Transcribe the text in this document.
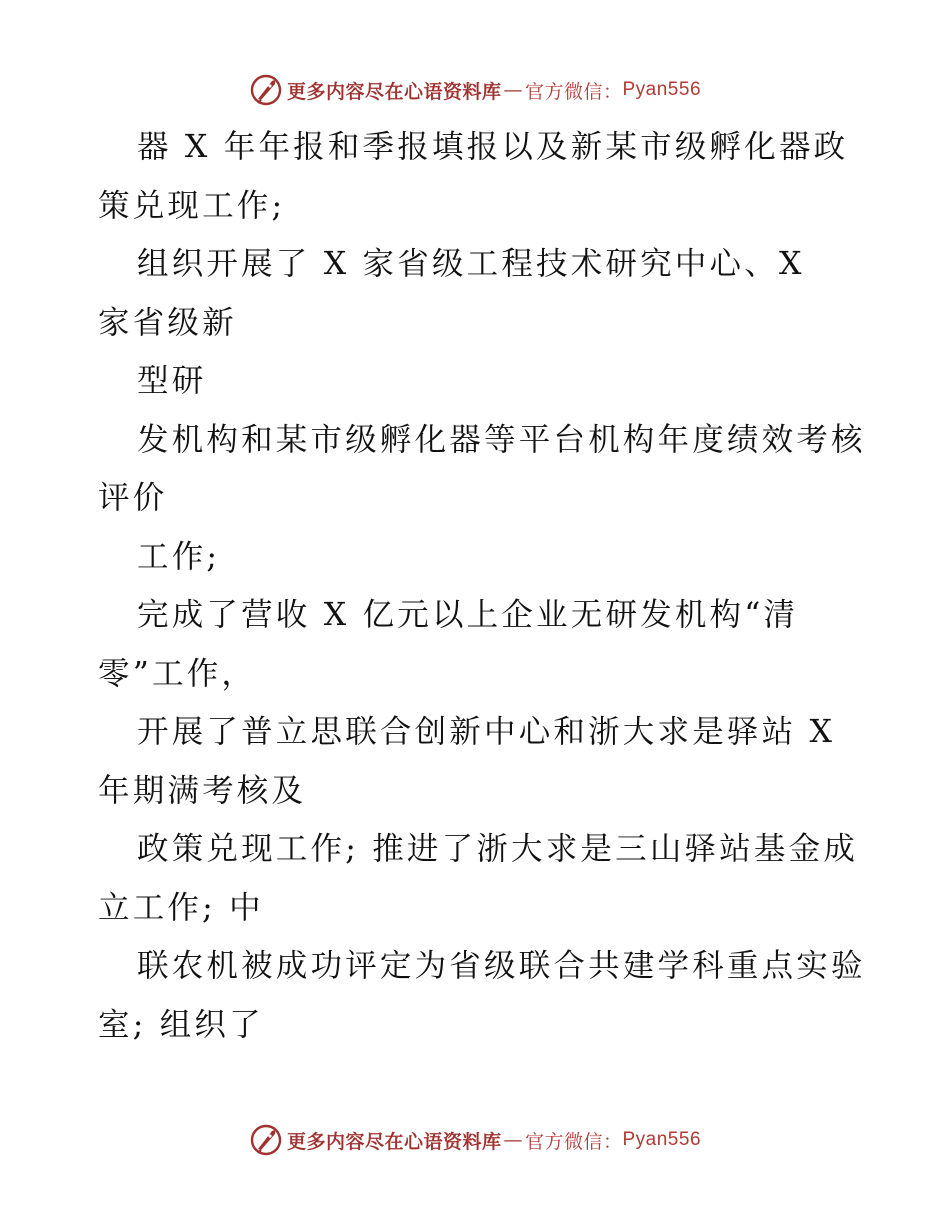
更多内容尽在心语资料库 — 官方微信： Pyan556
器 X 年年报和季报填报以及新某市级孵化器政
策兑现工作;
组织开展了 X 家省级工程技术研究中心、X
家省级新
型研
发机构和某市级孵化器等平台机构年度绩效考核
评价
工作;
完成了营收 X 亿元以上企业无研发机构“清
零”工作，
开展了普立思联合创新中心和浙大求是驿站 X
年期满考核及
政策兑现工作; 推进了浙大求是三山驿站基金成
立工作; 中
联农机被成功评定为省级联合共建学科重点实验
室; 组织了
更多内容尽在心语资料库 — 官方微信： Pyan556
